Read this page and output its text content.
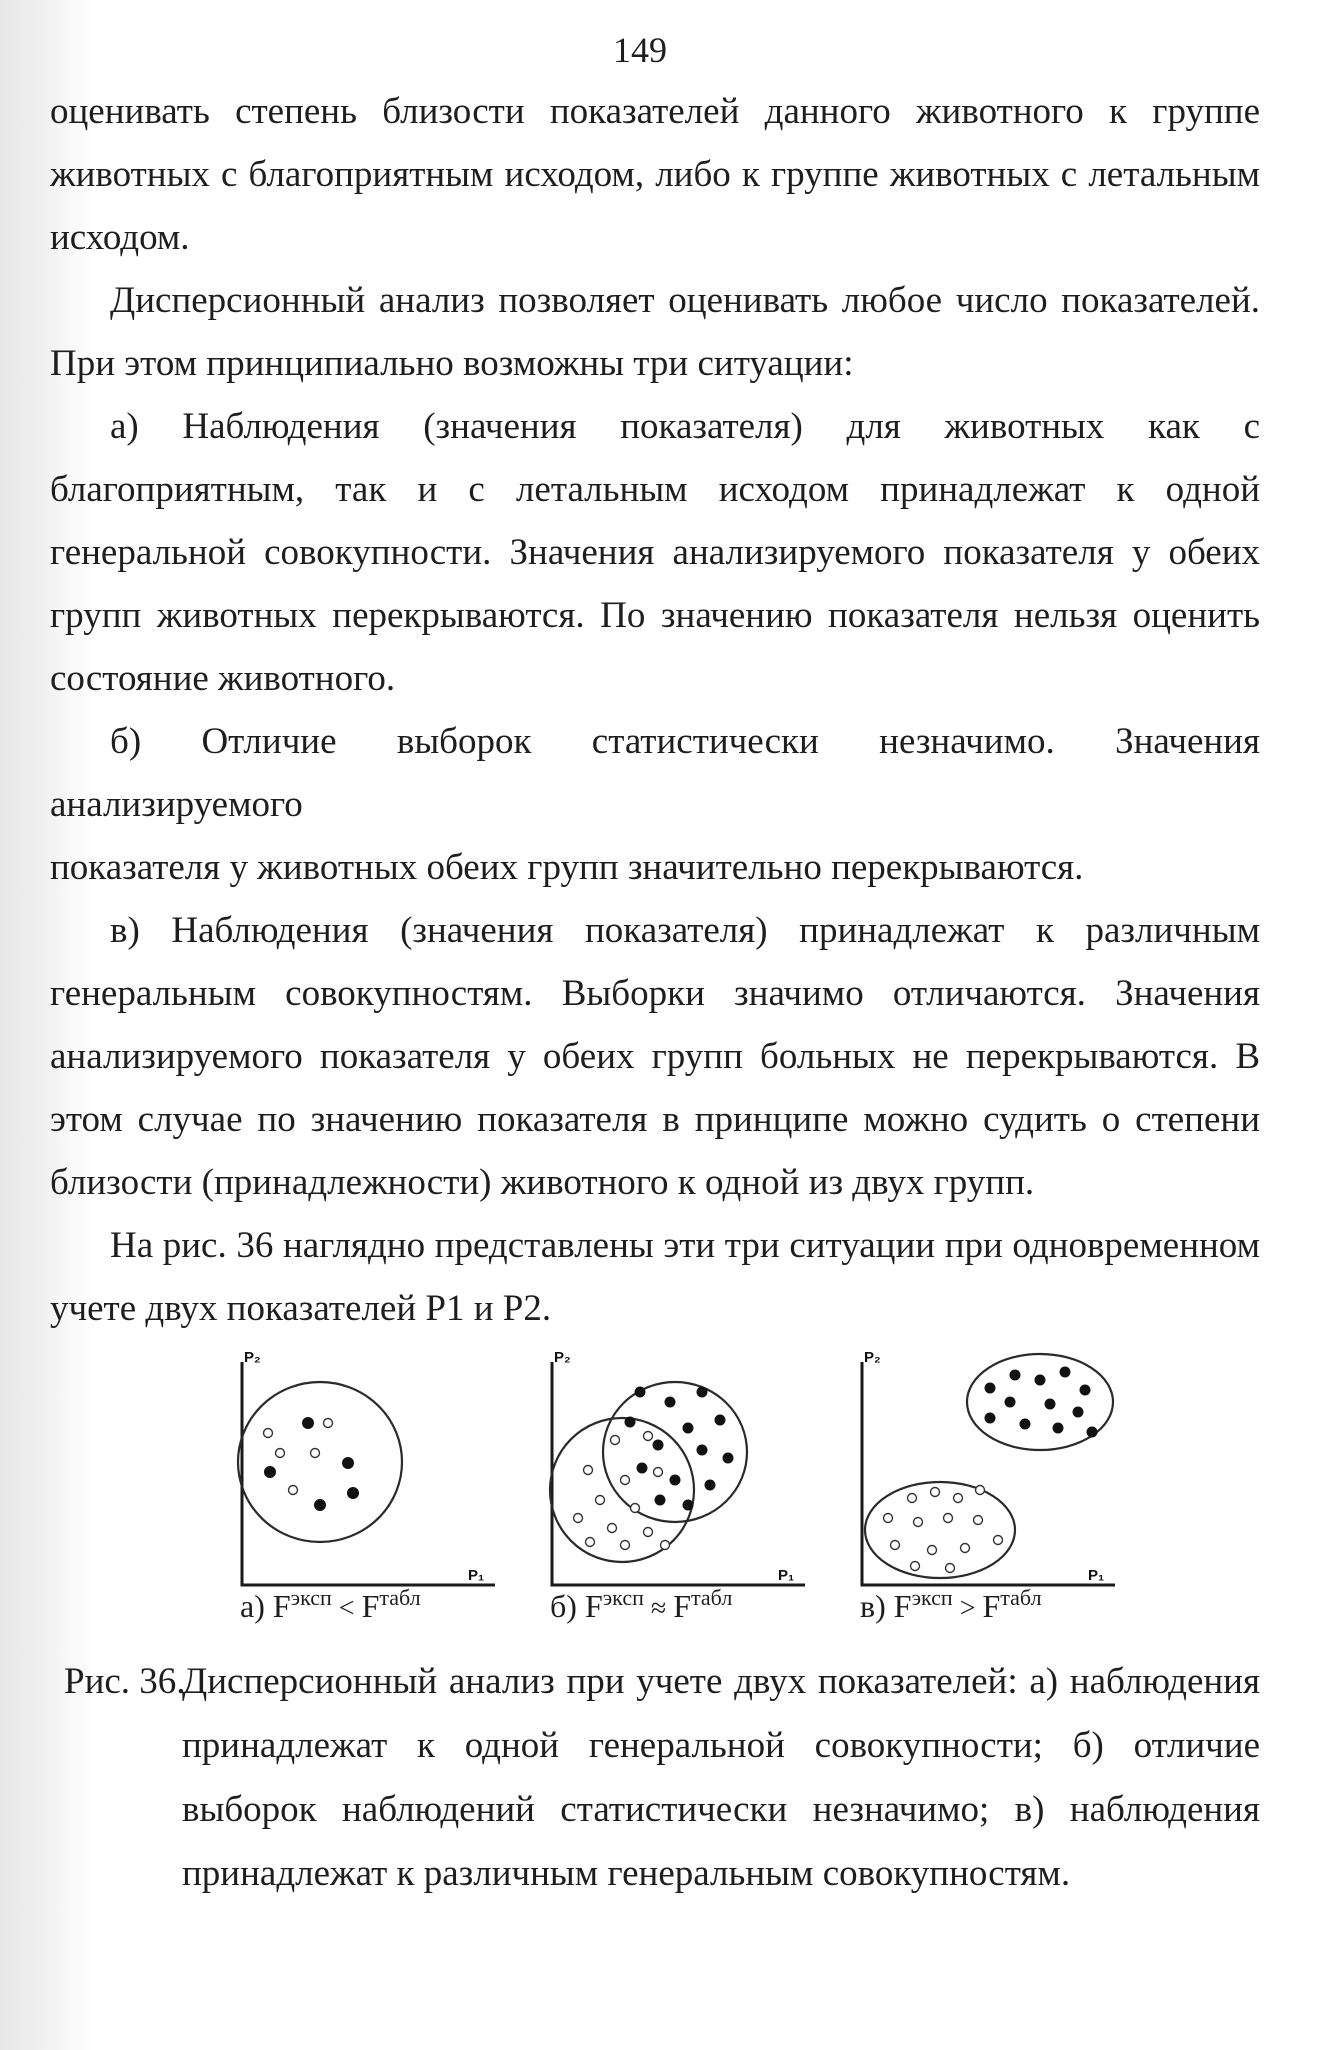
149

оценивать степень близости показателей данного животного к группе

животных с благоприятным исходом, либо к группе животных с летальным

исходом.

Дисперсионный анализ позволяет оценивать любое число показателей.

При этом принципиально возможны три ситуации:

а) Наблюдения (значения показателя) для животных как с

благоприятным, так и с летальным исходом принадлежат к одной

генеральной совокупности. Значения анализируемого показателя у обеих

групп животных перекрываются. По значению показателя нельзя оценить

состояние животного.

б) Отличие выборок статистически незначимо. Значения анализируемого

показателя у животных обеих групп значительно перекрываются.

в) Наблюдения (значения показателя) принадлежат к различным

генеральным совокупностям. Выборки значимо отличаются. Значения

анализируемого показателя у обеих групп больных не перекрываются. В

этом случае по значению показателя в принципе можно судить о степени

близости (принадлежности) животного к одной из двух групп.

На рис. 36 наглядно представлены эти три ситуации при одновременном

учете двух показателей P1 и P2.

P₂
P₁
а) $F^{эксп} < F^{табл}$
P₂
P₁
б) $F^{эксп} \approx F^{табл}$
P₂
P₁
в) $F^{эксп} > F^{табл}$
Рис. 36.
Дисперсионный анализ при учете двух показателей: а) наблюдения

принадлежат к одной генеральной совокупности; б) отличие

выборок наблюдений статистически незначимо; в) наблюдения

принадлежат к различным генеральным совокупностям.
